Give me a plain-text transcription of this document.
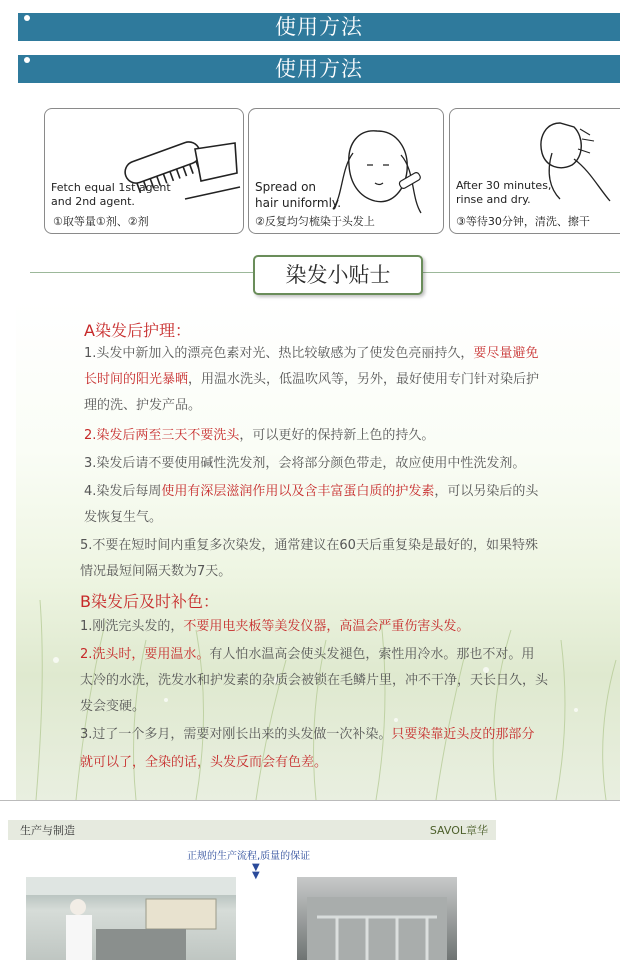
使用方法
使用方法
Fetch equal 1st agent
and 2nd agent.
①取等量①剂、②剂
Spread on
hair uniformly.
②反复均匀梳染于头发上
After 30 minutes,
rinse and dry.
③等待30分钟，清洗、擦干
染发小贴士
A染发后护理：
1.头发中新加入的漂亮色素对光、热比较敏感为了使发色亮丽持久，要尽量避免
长时间的阳光暴晒，用温水洗头，低温吹风等，另外，最好使用专门针对染后护
理的洗、护发产品。
2.染发后两至三天不要洗头，可以更好的保持新上色的持久。
3.染发后请不要使用碱性洗发剂，会将部分颜色带走，故应使用中性洗发剂。
4.染发后每周使用有深层滋润作用以及含丰富蛋白质的护发素，可以另染后的头
发恢复生气。
5.不要在短时间内重复多次染发，通常建议在60天后重复染是最好的，如果特殊
情况最短间隔天数为7天。
B染发后及时补色：
1.刚洗完头发的，不要用电夹板等美发仪器，高温会严重伤害头发。
2.洗头时，要用温水。有人怕水温高会使头发褪色，索性用冷水。那也不对。用
太冷的水洗，洗发水和护发素的杂质会被锁在毛鳞片里，冲不干净，天长日久，头
发会变硬。
3.过了一个多月，需要对刚长出来的头发做一次补染。只要染靠近头皮的那部分
就可以了，全染的话，头发反而会有色差。
生产与制造	SAVOL章华
正规的生产流程,质量的保证
▼
▼
